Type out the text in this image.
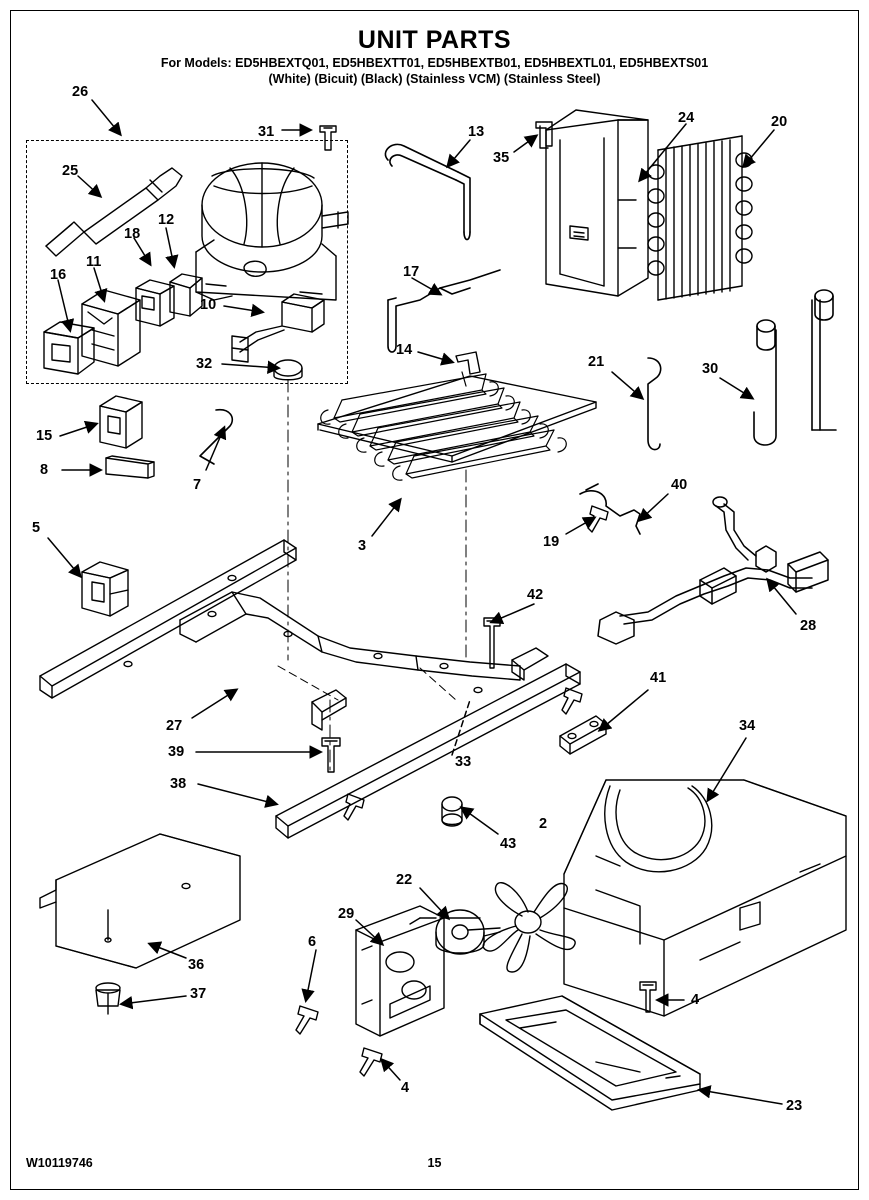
UNIT PARTS
For Models: ED5HBEXTQ01, ED5HBEXTT01, ED5HBEXTB01, ED5HBEXTL01, ED5HBEXTS01
(White) (Bicuit) (Black) (Stainless VCM) (Stainless Steel)
26
31	13
35
24	20
25
18
12
16
11
10
17
32
14
21	30
15
8
7
3
40
19
5
42
28
41
27
39
33
38
34
43
2
22
29
6
36
37	4
4
23
W10119746	15
